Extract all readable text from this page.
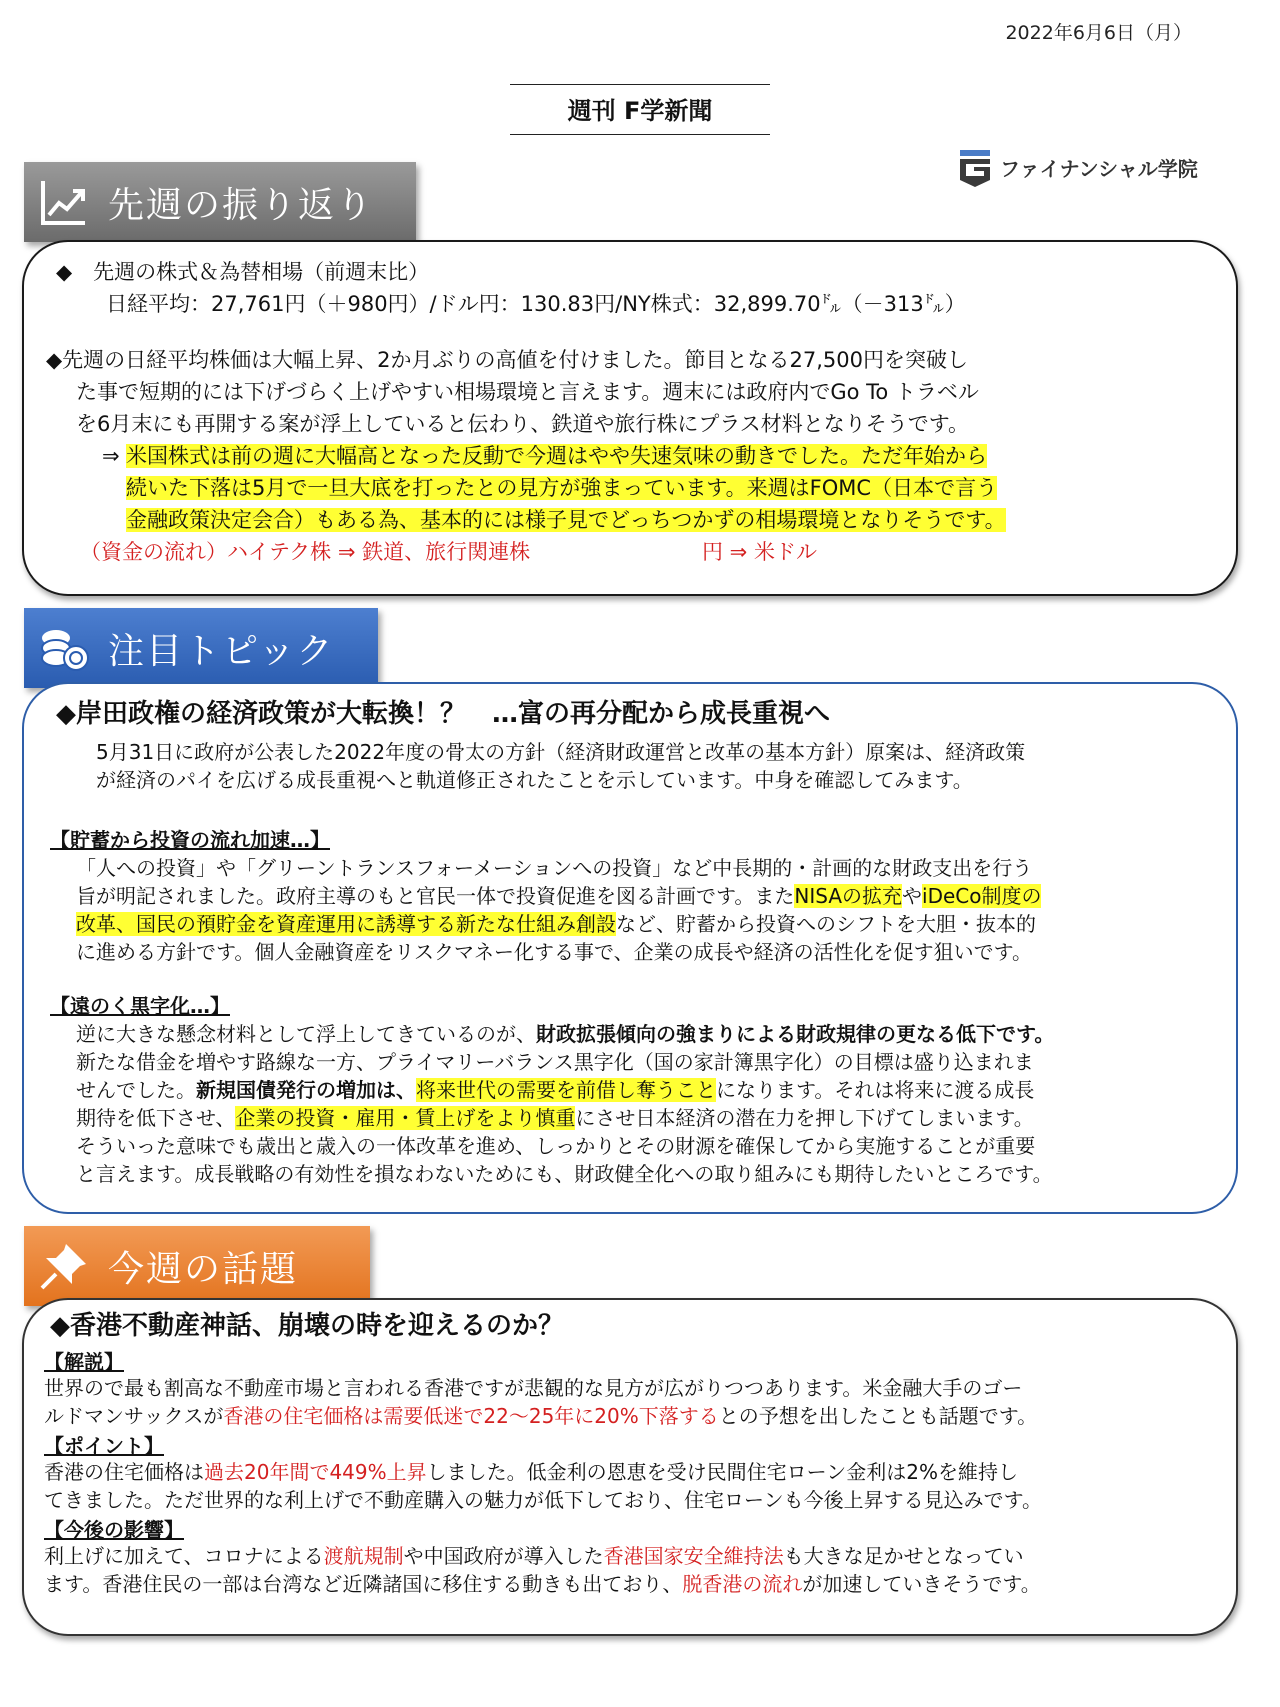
2022年6月6日（月）
週刊 F学新聞
ファイナンシャル学院
先週の振り返り
◆　先週の株式＆為替相場（前週末比）
日経平均：27,761円（＋980円）/ドル円：130.83円/NY株式：32,899.70㌦（－313㌦）
◆先週の日経平均株価は大幅上昇、2か月ぶりの高値を付けました。節目となる27,500円を突破し
た事で短期的には下げづらく上げやすい相場環境と言えます。週末には政府内でGo To トラベル
を6月末にも再開する案が浮上していると伝わり、鉄道や旅行株にプラス材料となりそうです。
⇒ 米国株式は前の週に大幅高となった反動で今週はやや失速気味の動きでした。ただ年始から
続いた下落は5月で一旦大底を打ったとの見方が強まっています。来週はFOMC（日本で言う
金融政策決定会合）もある為、基本的には様子見でどっちつかずの相場環境となりそうです。
（資金の流れ）ハイテク株 ⇒ 鉄道、旅行関連株	円 ⇒ 米ドル
注目トピック
◆岸田政権の経済政策が大転換！？　…富の再分配から成長重視へ
5月31日に政府が公表した2022年度の骨太の方針（経済財政運営と改革の基本方針）原案は、経済政策
が経済のパイを広げる成長重視へと軌道修正されたことを示しています。中身を確認してみます。
【貯蓄から投資の流れ加速…】
「人への投資」や「グリーントランスフォーメーションへの投資」など中長期的・計画的な財政支出を行う
旨が明記されました。政府主導のもと官民一体で投資促進を図る計画です。またNISAの拡充やiDeCo制度の
改革、国民の預貯金を資産運用に誘導する新たな仕組み創設など、貯蓄から投資へのシフトを大胆・抜本的
に進める方針です。個人金融資産をリスクマネー化する事で、企業の成長や経済の活性化を促す狙いです。
【遠のく黒字化…】
逆に大きな懸念材料として浮上してきているのが、財政拡張傾向の強まりによる財政規律の更なる低下です。
新たな借金を増やす路線な一方、プライマリーバランス黒字化（国の家計簿黒字化）の目標は盛り込まれま
せんでした。新規国債発行の増加は、将来世代の需要を前借し奪うことになります。それは将来に渡る成長
期待を低下させ、企業の投資・雇用・賃上げをより慎重にさせ日本経済の潜在力を押し下げてしまいます。
そういった意味でも歳出と歳入の一体改革を進め、しっかりとその財源を確保してから実施することが重要
と言えます。成長戦略の有効性を損なわないためにも、財政健全化への取り組みにも期待したいところです。
今週の話題
◆香港不動産神話、崩壊の時を迎えるのか？
【解説】
世界ので最も割高な不動産市場と言われる香港ですが悲観的な見方が広がりつつあります。米金融大手のゴー
ルドマンサックスが香港の住宅価格は需要低迷で22～25年に20%下落するとの予想を出したことも話題です。
【ポイント】
香港の住宅価格は過去20年間で449%上昇しました。低金利の恩恵を受け民間住宅ローン金利は2%を維持し
てきました。ただ世界的な利上げで不動産購入の魅力が低下しており、住宅ローンも今後上昇する見込みです。
【今後の影響】
利上げに加えて、コロナによる渡航規制や中国政府が導入した香港国家安全維持法も大きな足かせとなってい
ます。香港住民の一部は台湾など近隣諸国に移住する動きも出ており、脱香港の流れが加速していきそうです。
